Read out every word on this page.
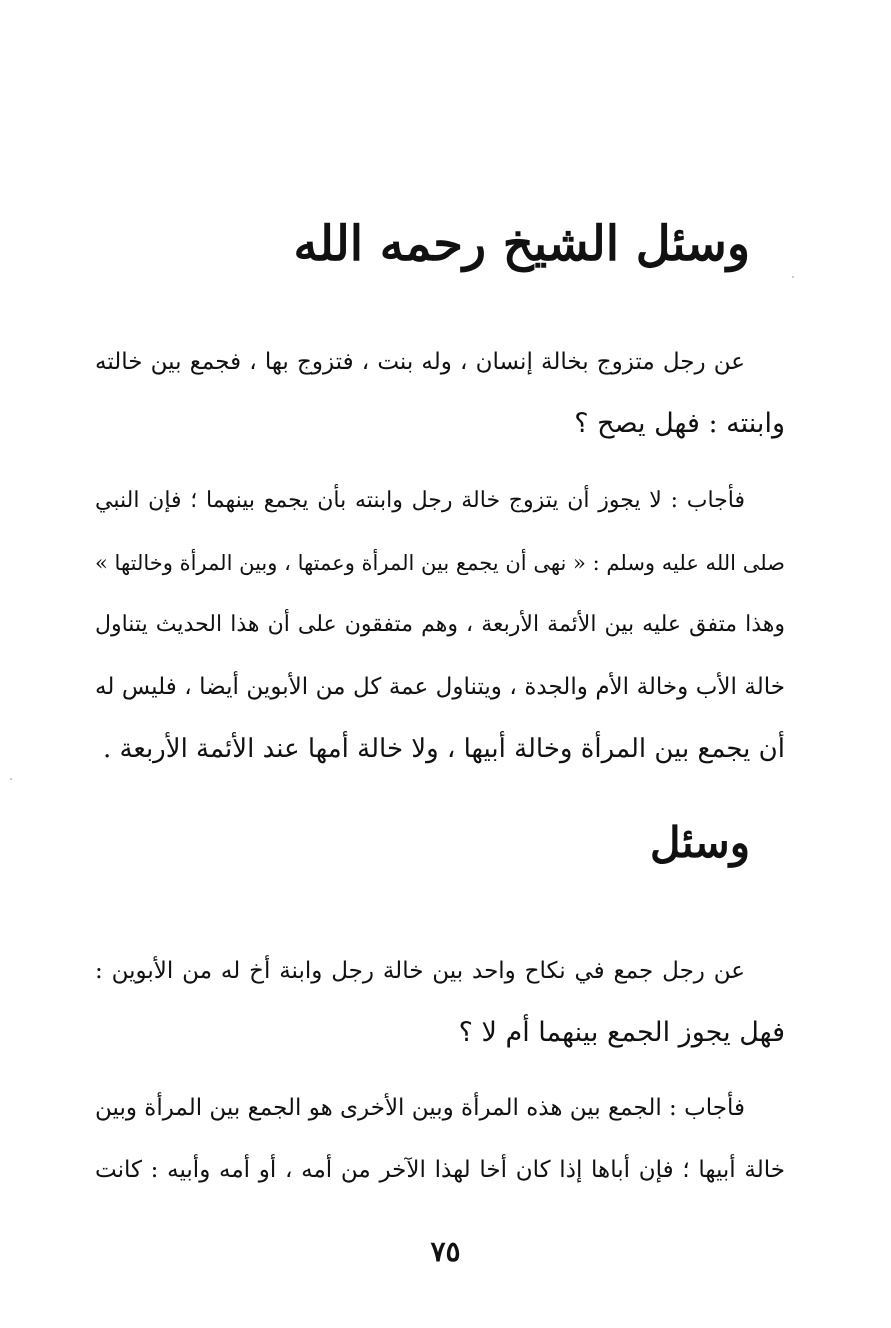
وسئل الشيخ رحمه الله
عن رجل متزوج بخالة إنسان ، وله بنت ، فتزوج بها ، فجمع بين خالته
وابنته : فهل يصح ؟
فأجاب : لا يجوز أن يتزوج خالة رجل وابنته بأن يجمع بينهما ؛ فإن النبي
صلى الله عليه وسلم : « نهى أن يجمع بين المرأة وعمتها ، وبين المرأة وخالتها »
وهذا متفق عليه بين الأئمة الأربعة ، وهم متفقون على أن هذا الحديث يتناول
خالة الأب وخالة الأم والجدة ، ويتناول عمة كل من الأبوين أيضا ، فليس له
أن يجمع بين المرأة وخالة أبيها ، ولا خالة أمها عند الأئمة الأربعة .
وسئل
عن رجل جمع في نكاح واحد بين خالة رجل وابنة أخ له من الأبوين :
فهل يجوز الجمع بينهما أم لا ؟
فأجاب : الجمع بين هذه المرأة وبين الأخرى هو الجمع بين المرأة وبين
خالة أبيها ؛ فإن أباها إذا كان أخا لهذا الآخر من أمه ، أو أمه وأبيه : كانت
٧٥
